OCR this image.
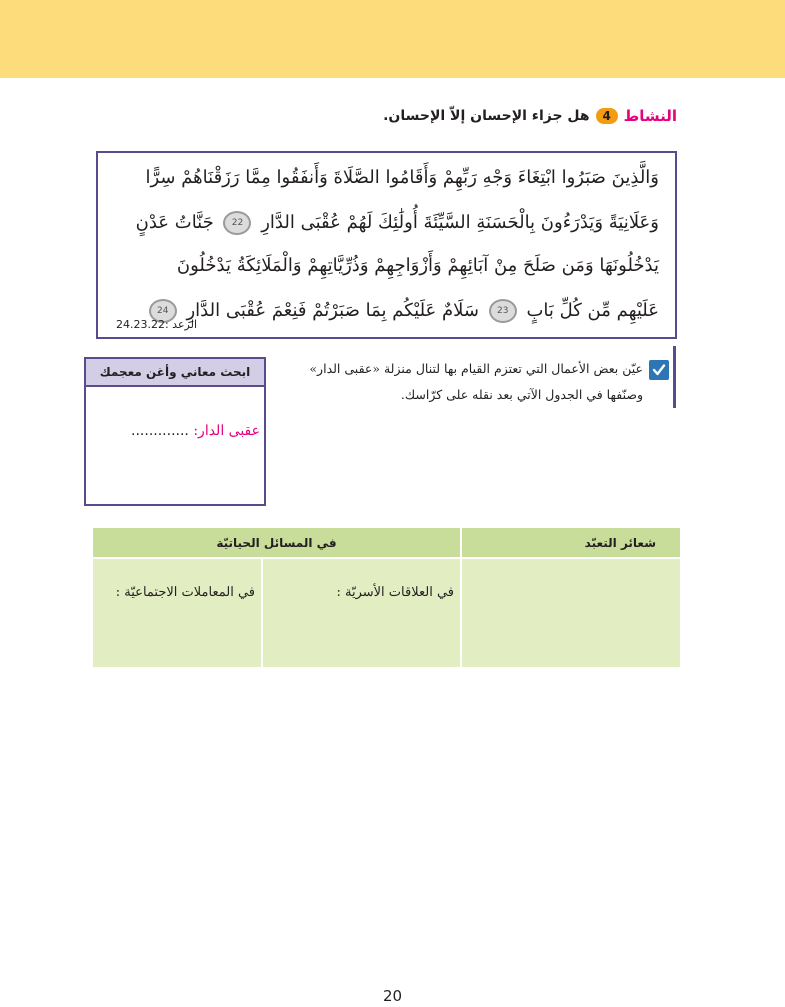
النشاط
4
هل جزاء الإحسان إلاّ الإحسان.
وَالَّذِينَ صَبَرُوا ابْتِغَاءَ وَجْهِ رَبِّهِمْ وَأَقَامُوا الصَّلَاةَ وَأَنفَقُوا مِمَّا رَزَقْنَاهُمْ سِرًّا
وَعَلَانِيَةً وَيَدْرَءُونَ بِالْحَسَنَةِ السَّيِّئَةَ أُولَٰئِكَ لَهُمْ عُقْبَى الدَّارِ 22 جَنَّاتُ عَدْنٍ
يَدْخُلُونَهَا وَمَن صَلَحَ مِنْ آبَائِهِمْ وَأَزْوَاجِهِمْ وَذُرِّيَّاتِهِمْ وَالْمَلَائِكَةُ يَدْخُلُونَ
عَلَيْهِم مِّن كُلِّ بَابٍ 23 سَلَامٌ عَلَيْكُم بِمَا صَبَرْتُمْ فَنِعْمَ عُقْبَى الدَّارِ 24
الرعد :24.23.22
عيّن بعض الأعمال التي تعتزم القيام بها لتنال منزلة «عقبى الدار»
وصنّفها في الجدول الآتي بعد نقله على كرّاسك.
ابحث معاني وأغن معجمك
عقبى الدار: .............
شعائر التعبّد	في المسائل الحياتيّة	

	في العلاقات الأسريّة :	في المعاملات الاجتماعيّة :
20
